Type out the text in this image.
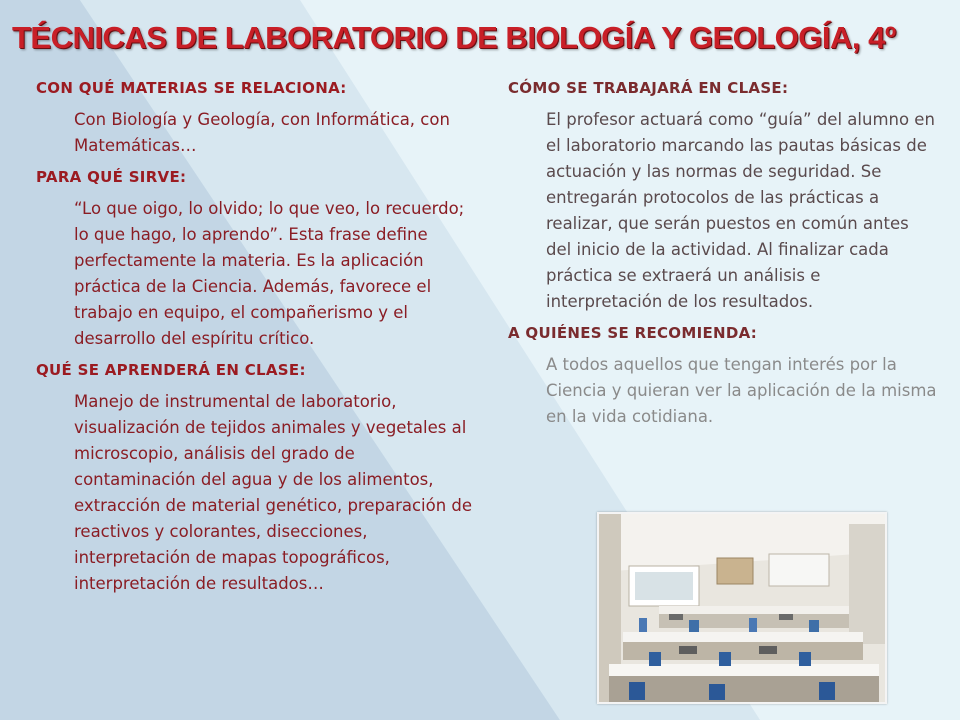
TÉCNICAS DE LABORATORIO DE BIOLOGÍA Y GEOLOGÍA, 4º
CON QUÉ MATERIAS SE RELACIONA:

Con Biología y Geología, con Informática, con Matemáticas…

PARA QUÉ SIRVE:

“Lo que oigo, lo olvido; lo que veo, lo recuerdo; lo que hago, lo aprendo”. Esta frase define perfectamente la materia. Es la aplicación práctica de la Ciencia. Además, favorece el trabajo en equipo, el compañerismo y el desarrollo del espíritu crítico.

QUÉ SE APRENDERÁ EN CLASE:

Manejo de instrumental de laboratorio, visualización de tejidos animales y vegetales al microscopio, análisis del grado de contaminación del agua y de los alimentos, extracción de material genético, preparación de reactivos y colorantes, disecciones, interpretación de mapas topográficos, interpretación de resultados…

CÓMO SE TRABAJARÁ EN CLASE:

El profesor actuará como “guía” del alumno en el laboratorio marcando las pautas básicas de actuación y las normas de seguridad. Se entregarán protocolos de las prácticas a realizar, que serán puestos en común antes del inicio de la actividad. Al finalizar cada práctica se extraerá un análisis e interpretación de los resultados.

A QUIÉNES SE RECOMIENDA:

A todos aquellos que tengan interés por la Ciencia y quieran ver la aplicación de la misma en la vida cotidiana.
